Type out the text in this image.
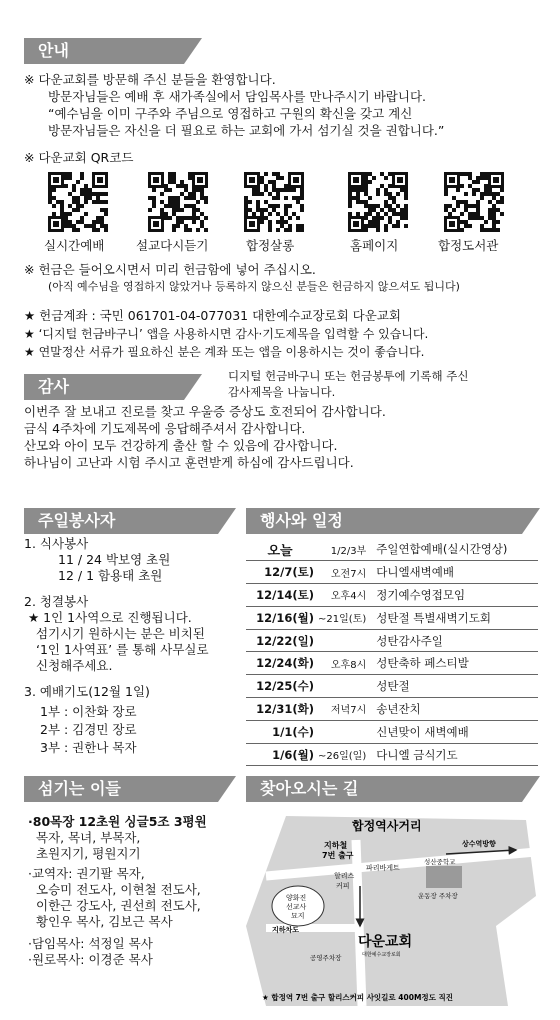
안내
※ 다운교회를 방문해 주신 분들을 환영합니다.
방문자님들은 예배 후 새가족실에서 담임목사를 만나주시기 바랍니다.
“예수님을 이미 구주와 주님으로 영접하고 구원의 확신을 갖고 계신
방문자님들은 자신을 더 필요로 하는 교회에 가서 섬기실 것을 권합니다.”
※ 다운교회 QR코드
실시간예배	설교다시듣기	합정살롱	홈페이지	합정도서관
※ 헌금은 들어오시면서 미리 헌금함에 넣어 주십시오.
(아직 예수님을 영접하지 않았거나 등록하지 않으신 분들은 헌금하지 않으셔도 됩니다)
★ 헌금계좌 : 국민 061701-04-077031 대한예수교장로회 다운교회
★ ‘디지털 헌금바구니’ 앱을 사용하시면 감사·기도제목을 입력할 수 있습니다.
★ 연말정산 서류가 필요하신 분은 계좌 또는 앱을 이용하시는 것이 좋습니다.
감사
디지털 헌금바구니 또는 헌금봉투에 기록해 주신
감사제목을 나눕니다.
이번주 잘 보내고 진로를 찾고 우울증 증상도 호전되어 감사합니다.
금식 4주차에 기도제목에 응답해주셔서 감사합니다.
산모와 아이 모두 건강하게 출산 할 수 있음에 감사합니다.
하나님이 고난과 시험 주시고 훈련받게 하심에 감사드립니다.
주일봉사자
1. 식사봉사
11 / 24 박보영 초원
12 / 1 함용태 초원
2. 청결봉사
★ 1인 1사역으로 진행됩니다.
섬기시기 원하시는 분은 비치된
‘1인 1사역표’ 를 통해 사무실로
신청해주세요.
3. 예배기도(12월 1일)
1부 : 이찬화 장로
2부 : 김경민 장로
3부 : 권한나 목자
행사와 일정
오늘	1/2/3부	주일연합예배(실시간영상)
12/7(토)	오전7시	다니엘새벽예배
12/14(토)	오후4시	정기예수영접모임
12/16(월)	~21일(토)	성탄절 특별새벽기도회
12/22(일)		성탄감사주일
12/24(화)	오후8시	성탄축하 페스티발
12/25(수)		성탄절
12/31(화)	저녁7시	송년잔치
1/1(수)		신년맞이 새벽예배
1/6(월)	~26일(일)	다니엘 금식기도
섬기는 이들
·80목장 12초원 싱글5조 3평원
목자, 목녀, 부목자,
초원지기, 평원지기
·교역자: 권기팔 목자,
오승미 전도사, 이현철 전도사,
이한근 강도사, 권선희 전도사,
황인우 목사, 김보근 목사
·담임목사: 석정일 목사
·원로목사: 이경준 목사
찾아오시는 길
합정역사거리
지하철
7번 출구
파리바게트
상수역방향
할리스
커피
양화진
선교사
묘지
지하차도
공영주차장
성산중학교
운동장 주차장
다운교회
대한예수교장로회
★ 합정역 7번 출구 할리스커피 사잇길로 400M정도 직진
